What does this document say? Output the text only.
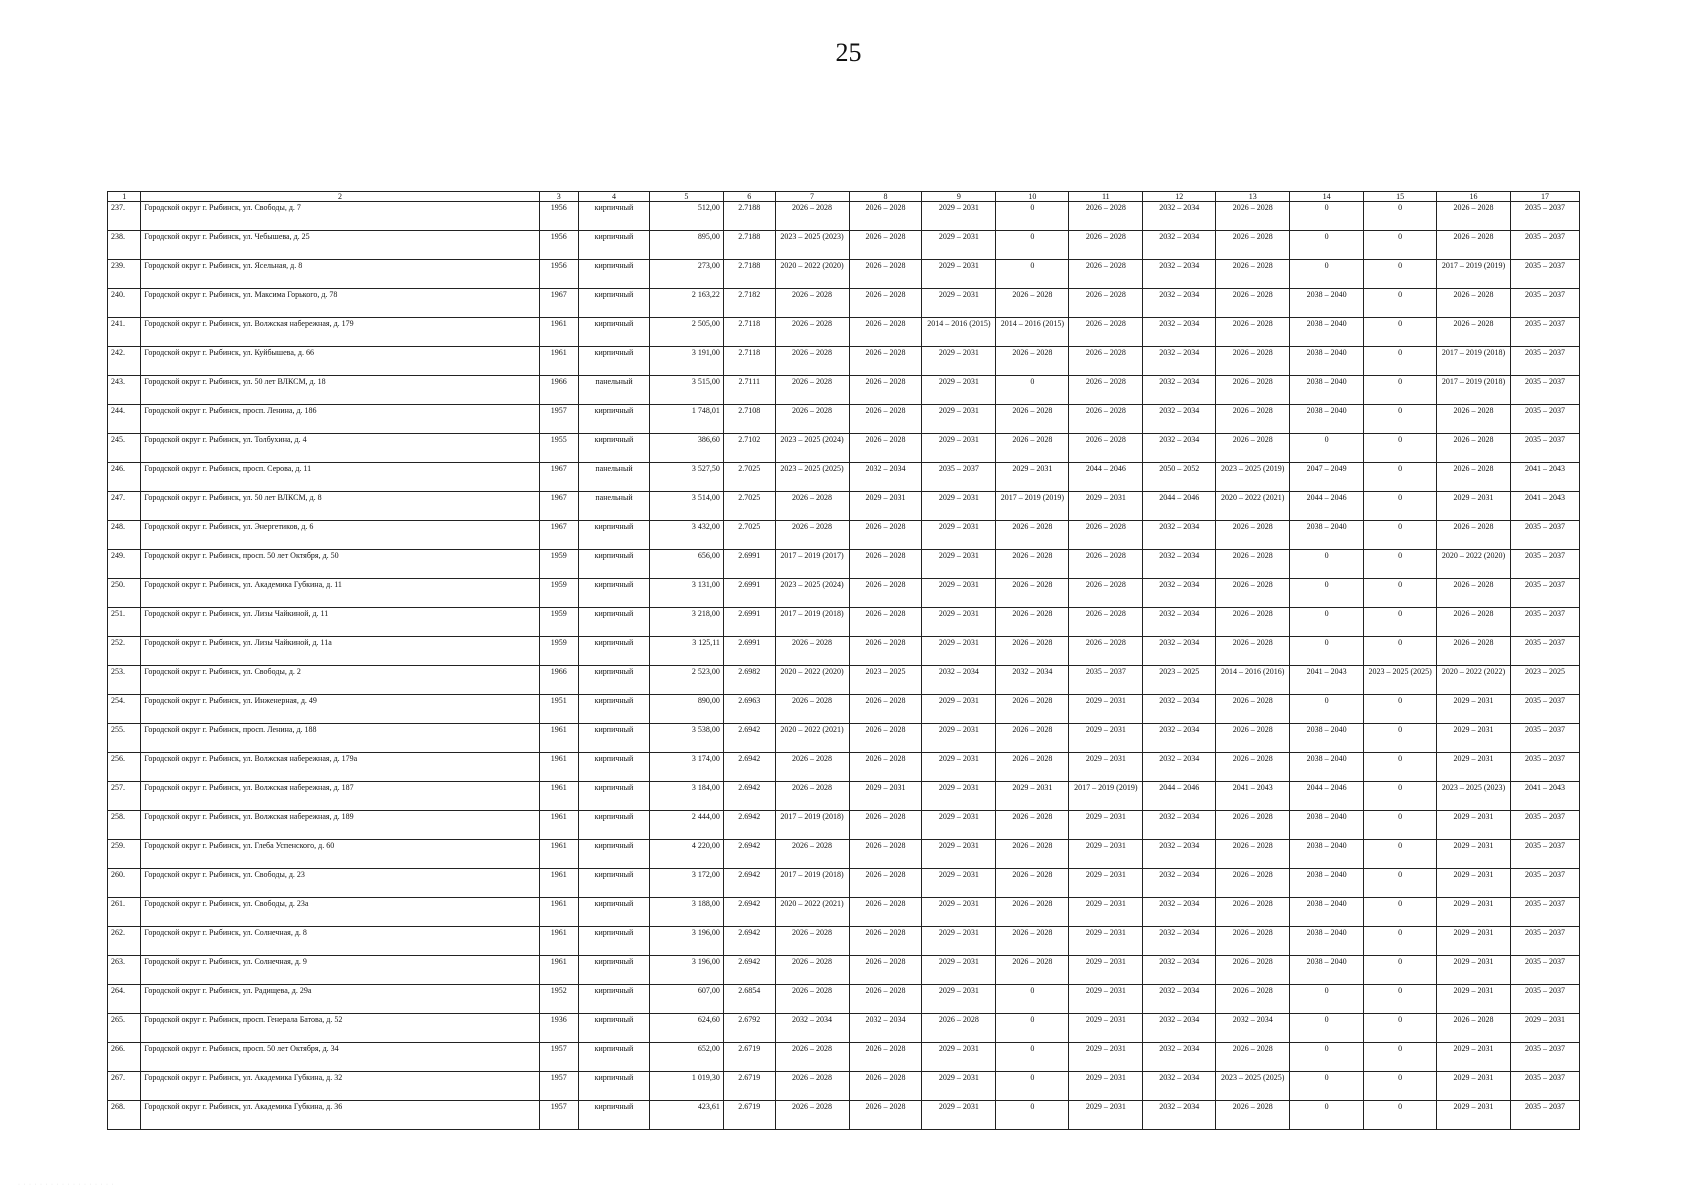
25
1	2	3	4	5	6	7	8	9	10	11	12	13	14	15	16	17
237.	Городской округ г. Рыбинск, ул. Свободы, д. 7	1956	кирпичный	512,00	2.7188	2026 – 2028	2026 – 2028	2029 – 2031	0	2026 – 2028	2032 – 2034	2026 – 2028	0	0	2026 – 2028	2035 – 2037
238.	Городской округ г. Рыбинск, ул. Чебышева, д. 25	1956	кирпичный	895,00	2.7188	2023 – 2025 (2023)	2026 – 2028	2029 – 2031	0	2026 – 2028	2032 – 2034	2026 – 2028	0	0	2026 – 2028	2035 – 2037
239.	Городской округ г. Рыбинск, ул. Ясельная, д. 8	1956	кирпичный	273,00	2.7188	2020 – 2022 (2020)	2026 – 2028	2029 – 2031	0	2026 – 2028	2032 – 2034	2026 – 2028	0	0	2017 – 2019 (2019)	2035 – 2037
240.	Городской округ г. Рыбинск, ул. Максима Горького, д. 78	1967	кирпичный	2 163,22	2.7182	2026 – 2028	2026 – 2028	2029 – 2031	2026 – 2028	2026 – 2028	2032 – 2034	2026 – 2028	2038 – 2040	0	2026 – 2028	2035 – 2037
241.	Городской округ г. Рыбинск, ул. Волжская набережная, д. 179	1961	кирпичный	2 505,00	2.7118	2026 – 2028	2026 – 2028	2014 – 2016 (2015)	2014 – 2016 (2015)	2026 – 2028	2032 – 2034	2026 – 2028	2038 – 2040	0	2026 – 2028	2035 – 2037
242.	Городской округ г. Рыбинск, ул. Куйбышева, д. 66	1961	кирпичный	3 191,00	2.7118	2026 – 2028	2026 – 2028	2029 – 2031	2026 – 2028	2026 – 2028	2032 – 2034	2026 – 2028	2038 – 2040	0	2017 – 2019 (2018)	2035 – 2037
243.	Городской округ г. Рыбинск, ул. 50 лет ВЛКСМ, д. 18	1966	панельный	3 515,00	2.7111	2026 – 2028	2026 – 2028	2029 – 2031	0	2026 – 2028	2032 – 2034	2026 – 2028	2038 – 2040	0	2017 – 2019 (2018)	2035 – 2037
244.	Городской округ г. Рыбинск, просп. Ленина, д. 186	1957	кирпичный	1 748,01	2.7108	2026 – 2028	2026 – 2028	2029 – 2031	2026 – 2028	2026 – 2028	2032 – 2034	2026 – 2028	2038 – 2040	0	2026 – 2028	2035 – 2037
245.	Городской округ г. Рыбинск, ул. Толбухина, д. 4	1955	кирпичный	386,60	2.7102	2023 – 2025 (2024)	2026 – 2028	2029 – 2031	2026 – 2028	2026 – 2028	2032 – 2034	2026 – 2028	0	0	2026 – 2028	2035 – 2037
246.	Городской округ г. Рыбинск, просп. Серова, д. 11	1967	панельный	3 527,50	2.7025	2023 – 2025 (2025)	2032 – 2034	2035 – 2037	2029 – 2031	2044 – 2046	2050 – 2052	2023 – 2025 (2019)	2047 – 2049	0	2026 – 2028	2041 – 2043
247.	Городской округ г. Рыбинск, ул. 50 лет ВЛКСМ, д. 8	1967	панельный	3 514,00	2.7025	2026 – 2028	2029 – 2031	2029 – 2031	2017 – 2019 (2019)	2029 – 2031	2044 – 2046	2020 – 2022 (2021)	2044 – 2046	0	2029 – 2031	2041 – 2043
248.	Городской округ г. Рыбинск, ул. Энергетиков, д. 6	1967	кирпичный	3 432,00	2.7025	2026 – 2028	2026 – 2028	2029 – 2031	2026 – 2028	2026 – 2028	2032 – 2034	2026 – 2028	2038 – 2040	0	2026 – 2028	2035 – 2037
249.	Городской округ г. Рыбинск, просп. 50 лет Октября, д. 50	1959	кирпичный	656,00	2.6991	2017 – 2019 (2017)	2026 – 2028	2029 – 2031	2026 – 2028	2026 – 2028	2032 – 2034	2026 – 2028	0	0	2020 – 2022 (2020)	2035 – 2037
250.	Городской округ г. Рыбинск, ул. Академика Губкина, д. 11	1959	кирпичный	3 131,00	2.6991	2023 – 2025 (2024)	2026 – 2028	2029 – 2031	2026 – 2028	2026 – 2028	2032 – 2034	2026 – 2028	0	0	2026 – 2028	2035 – 2037
251.	Городской округ г. Рыбинск, ул. Лизы Чайкиной, д. 11	1959	кирпичный	3 218,00	2.6991	2017 – 2019 (2018)	2026 – 2028	2029 – 2031	2026 – 2028	2026 – 2028	2032 – 2034	2026 – 2028	0	0	2026 – 2028	2035 – 2037
252.	Городской округ г. Рыбинск, ул. Лизы Чайкиной, д. 11а	1959	кирпичный	3 125,11	2.6991	2026 – 2028	2026 – 2028	2029 – 2031	2026 – 2028	2026 – 2028	2032 – 2034	2026 – 2028	0	0	2026 – 2028	2035 – 2037
253.	Городской округ г. Рыбинск, ул. Свободы, д. 2	1966	кирпичный	2 523,00	2.6982	2020 – 2022 (2020)	2023 – 2025	2032 – 2034	2032 – 2034	2035 – 2037	2023 – 2025	2014 – 2016 (2016)	2041 – 2043	2023 – 2025 (2025)	2020 – 2022 (2022)	2023 – 2025
254.	Городской округ г. Рыбинск, ул. Инженерная, д. 49	1951	кирпичный	890,00	2.6963	2026 – 2028	2026 – 2028	2029 – 2031	2026 – 2028	2029 – 2031	2032 – 2034	2026 – 2028	0	0	2029 – 2031	2035 – 2037
255.	Городской округ г. Рыбинск, просп. Ленина, д. 188	1961	кирпичный	3 538,00	2.6942	2020 – 2022 (2021)	2026 – 2028	2029 – 2031	2026 – 2028	2029 – 2031	2032 – 2034	2026 – 2028	2038 – 2040	0	2029 – 2031	2035 – 2037
256.	Городской округ г. Рыбинск, ул. Волжская набережная, д. 179а	1961	кирпичный	3 174,00	2.6942	2026 – 2028	2026 – 2028	2029 – 2031	2026 – 2028	2029 – 2031	2032 – 2034	2026 – 2028	2038 – 2040	0	2029 – 2031	2035 – 2037
257.	Городской округ г. Рыбинск, ул. Волжская набережная, д. 187	1961	кирпичный	3 184,00	2.6942	2026 – 2028	2029 – 2031	2029 – 2031	2029 – 2031	2017 – 2019 (2019)	2044 – 2046	2041 – 2043	2044 – 2046	0	2023 – 2025 (2023)	2041 – 2043
258.	Городской округ г. Рыбинск, ул. Волжская набережная, д. 189	1961	кирпичный	2 444,00	2.6942	2017 – 2019 (2018)	2026 – 2028	2029 – 2031	2026 – 2028	2029 – 2031	2032 – 2034	2026 – 2028	2038 – 2040	0	2029 – 2031	2035 – 2037
259.	Городской округ г. Рыбинск, ул. Глеба Успенского, д. 60	1961	кирпичный	4 220,00	2.6942	2026 – 2028	2026 – 2028	2029 – 2031	2026 – 2028	2029 – 2031	2032 – 2034	2026 – 2028	2038 – 2040	0	2029 – 2031	2035 – 2037
260.	Городской округ г. Рыбинск, ул. Свободы, д. 23	1961	кирпичный	3 172,00	2.6942	2017 – 2019 (2018)	2026 – 2028	2029 – 2031	2026 – 2028	2029 – 2031	2032 – 2034	2026 – 2028	2038 – 2040	0	2029 – 2031	2035 – 2037
261.	Городской округ г. Рыбинск, ул. Свободы, д. 23а	1961	кирпичный	3 188,00	2.6942	2020 – 2022 (2021)	2026 – 2028	2029 – 2031	2026 – 2028	2029 – 2031	2032 – 2034	2026 – 2028	2038 – 2040	0	2029 – 2031	2035 – 2037
262.	Городской округ г. Рыбинск, ул. Солнечная, д. 8	1961	кирпичный	3 196,00	2.6942	2026 – 2028	2026 – 2028	2029 – 2031	2026 – 2028	2029 – 2031	2032 – 2034	2026 – 2028	2038 – 2040	0	2029 – 2031	2035 – 2037
263.	Городской округ г. Рыбинск, ул. Солнечная, д. 9	1961	кирпичный	3 196,00	2.6942	2026 – 2028	2026 – 2028	2029 – 2031	2026 – 2028	2029 – 2031	2032 – 2034	2026 – 2028	2038 – 2040	0	2029 – 2031	2035 – 2037
264.	Городской округ г. Рыбинск, ул. Радищева, д. 29а	1952	кирпичный	607,00	2.6854	2026 – 2028	2026 – 2028	2029 – 2031	0	2029 – 2031	2032 – 2034	2026 – 2028	0	0	2029 – 2031	2035 – 2037
265.	Городской округ г. Рыбинск, просп. Генерала Батова, д. 52	1936	кирпичный	624,60	2.6792	2032 – 2034	2032 – 2034	2026 – 2028	0	2029 – 2031	2032 – 2034	2032 – 2034	0	0	2026 – 2028	2029 – 2031
266.	Городской округ г. Рыбинск, просп. 50 лет Октября, д. 34	1957	кирпичный	652,00	2.6719	2026 – 2028	2026 – 2028	2029 – 2031	0	2029 – 2031	2032 – 2034	2026 – 2028	0	0	2029 – 2031	2035 – 2037
267.	Городской округ г. Рыбинск, ул. Академика Губкина, д. 32	1957	кирпичный	1 019,30	2.6719	2026 – 2028	2026 – 2028	2029 – 2031	0	2029 – 2031	2032 – 2034	2023 – 2025 (2025)	0	0	2029 – 2031	2035 – 2037
268.	Городской округ г. Рыбинск, ул. Академика Губкина, д. 36	1957	кирпичный	423,61	2.6719	2026 – 2028	2026 – 2028	2029 – 2031	0	2029 – 2031	2032 – 2034	2026 – 2028	0	0	2029 – 2031	2035 – 2037
· · · · · · · · · · · · · · · · · ·
